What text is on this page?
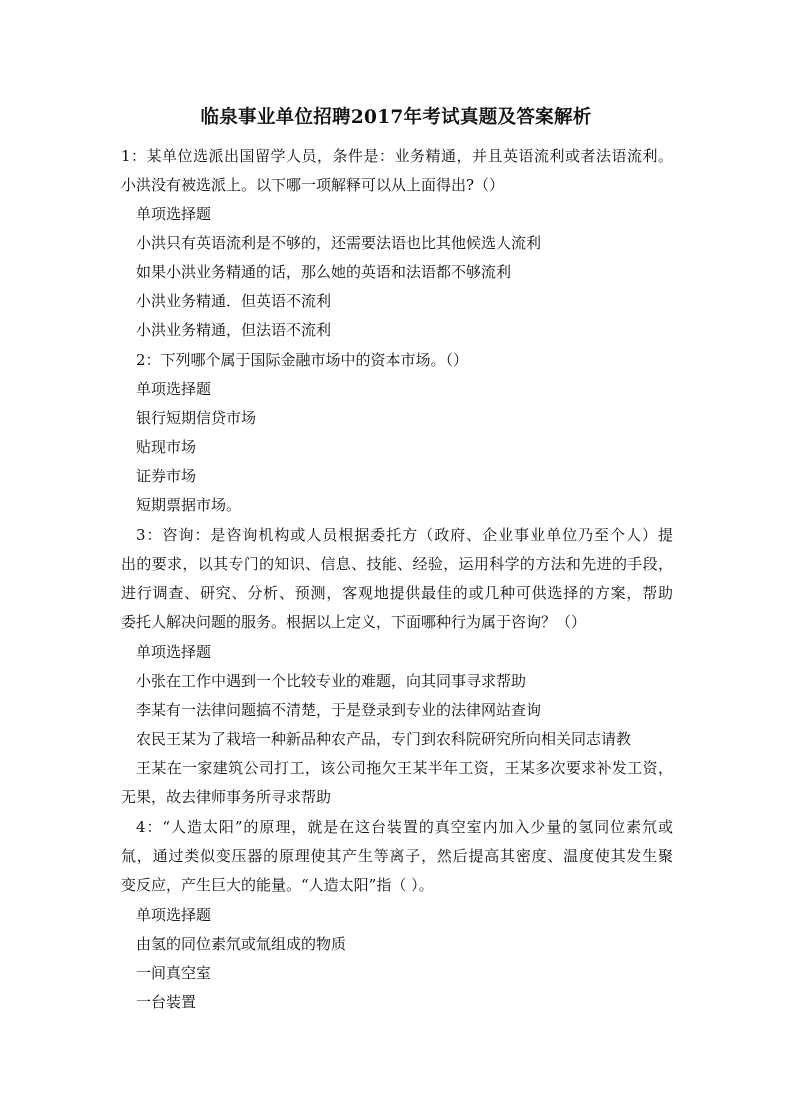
临泉事业单位招聘2017年考试真题及答案解析
1：某单位选派出国留学人员，条件是：业务精通，并且英语流利或者法语流利。
小洪没有被选派上。以下哪一项解释可以从上面得出?（）
单项选择题
小洪只有英语流利是不够的，还需要法语也比其他候选人流利
如果小洪业务精通的话，那么她的英语和法语都不够流利
小洪业务精通．但英语不流利
小洪业务精通，但法语不流利
2：下列哪个属于国际金融市场中的资本市场。（）
单项选择题
银行短期信贷市场
贴现市场
证券市场
短期票据市场。
3：咨询：是咨询机构或人员根据委托方（政府、企业事业单位乃至个人）提
出的要求，以其专门的知识、信息、技能、经验，运用科学的方法和先进的手段，
进行调查、研究、分析、预测，客观地提供最佳的或几种可供选择的方案，帮助
委托人解决问题的服务。根据以上定义，下面哪种行为属于咨询？（）
单项选择题
小张在工作中遇到一个比较专业的难题，向其同事寻求帮助
李某有一法律问题搞不清楚，于是登录到专业的法律网站查询
农民王某为了栽培一种新品种农产品，专门到农科院研究所向相关同志请教
王某在一家建筑公司打工，该公司拖欠王某半年工资，王某多次要求补发工资，
无果，故去律师事务所寻求帮助
4：“人造太阳”的原理，就是在这台装置的真空室内加入少量的氢同位素氘或
氚，通过类似变压器的原理使其产生等离子，然后提高其密度、温度使其发生聚
变反应，产生巨大的能量。“人造太阳”指（ ）。
单项选择题
由氢的同位素氘或氚组成的物质
一间真空室
一台装置
